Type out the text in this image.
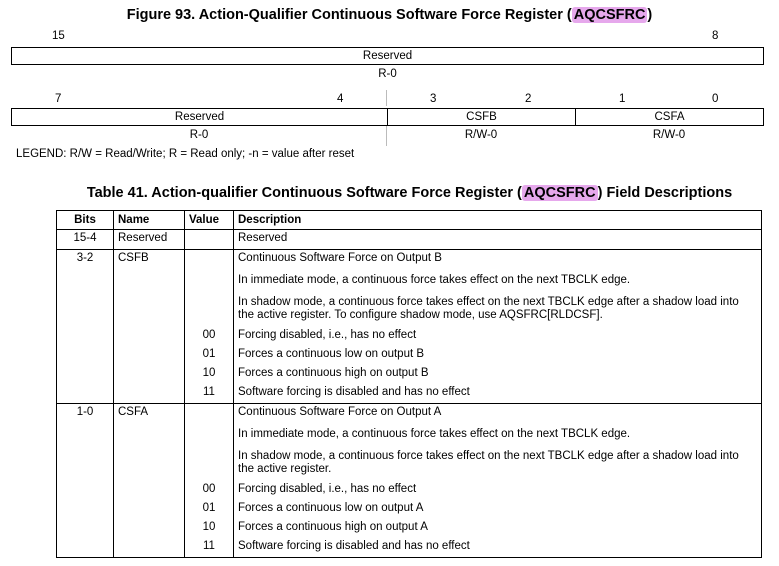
Figure 93. Action-Qualifier Continuous Software Force Register ( AQCSFRC )
15	8
Reserved
R-0
7	4	3	2	1	0
Reserved	CSFB	CSFA
R-0	R/W-0	R/W-0
LEGEND: R/W = Read/Write; R = Read only; -n = value after reset
Table 41. Action-qualifier Continuous Software Force Register ( AQCSFRC ) Field Descriptions
Bits	Name	Value	Description
15-4	Reserved		Reserved
3-2	CSFB		Continuous Software Force on Output B
			In immediate mode, a continuous force takes effect on the next TBCLK edge.
			In shadow mode, a continuous force takes effect on the next TBCLK edge after a shadow load into the active register. To configure shadow mode, use AQSFRC[RLDCSF].
		00	Forcing disabled, i.e., has no effect
		01	Forces a continuous low on output B
		10	Forces a continuous high on output B
		11	Software forcing is disabled and has no effect
1-0	CSFA		Continuous Software Force on Output A
			In immediate mode, a continuous force takes effect on the next TBCLK edge.
			In shadow mode, a continuous force takes effect on the next TBCLK edge after a shadow load into the active register.
		00	Forcing disabled, i.e., has no effect
		01	Forces a continuous low on output A
		10	Forces a continuous high on output A
		11	Software forcing is disabled and has no effect
